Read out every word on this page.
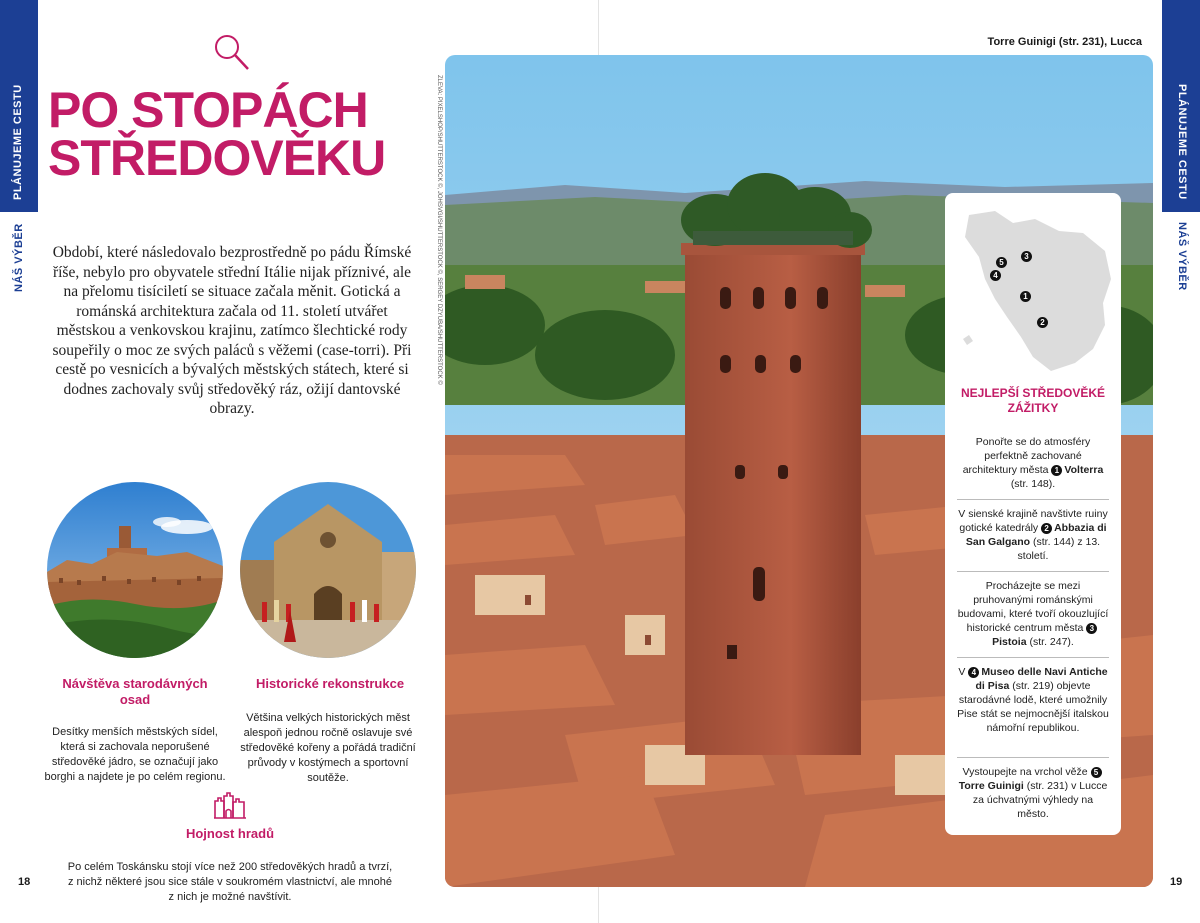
PLÁNUJEME CESTU
NÁŠ VÝBĚR
PLÁNUJEME CESTU
NÁŠ VÝBĚR
18	19
PO STOPÁCH
STŘEDOVĚKU
Období, které následovalo bezprostředně po pádu Římské říše, nebylo pro obyvatele střední Itálie nijak příznivé, ale na přelomu tisíciletí se situace začala měnit. Gotická a románská architektura začala od 11. století utvářet městskou a venkovskou krajinu, zatímco šlechtické rody soupeřily o moc ze svých paláců s věžemi (case-torri). Při cestě po vesnicích a bývalých městských státech, které si dodnes zachovaly svůj středověký ráz, ožijí dantovské obrazy.
Návštěva starodávných osad
Desítky menších městských sídel, která si zachovala neporušené středověké jádro, se označují jako borghi a najdete je po celém regionu.
Historické rekonstrukce
Většina velkých historických měst alespoň jednou ročně oslavuje své středověké kořeny a pořádá tradiční průvody v kostýmech a sportovní soutěže.
Hojnost hradů
Po celém Toskánsku stojí více než 200 středověkých hradů a tvrzí, z nichž některé jsou sice stále v soukromém vlastnictví, ale mnohé z nich je možné navštívit.
ZLEVA: PIXELSHOP/SHUTTERSTOCK ©, JOHSVGI/SHUTTERSTOCK ©, SERGEY DZYUBA/SHUTTERSTOCK ©
Torre Guinigi (str. 231), Lucca
5
3
4
1
2
NEJLEPŠÍ STŘEDOVĚKÉ ZÁŽITKY
Ponořte se do atmosféry perfektně zachované architektury města 1 Volterra (str. 148).
V sienské krajině navštivte ruiny gotické katedrály 2 Abbazia di San Galgano (str. 144) z 13. století.
Procházejte se mezi pruhovanými románskými budovami, které tvoří okouzlující historické centrum města 3Pistoia (str. 247).
V 4 Museo delle Navi Antiche di Pisa (str. 219) objevte starodávné lodě, které umožnily Pise stát se nejmocnější italskou námořní republikou.
Vystoupejte na vrchol věže 5Torre Guinigi (str. 231) v Lucce za úchvatnými výhledy na město.
